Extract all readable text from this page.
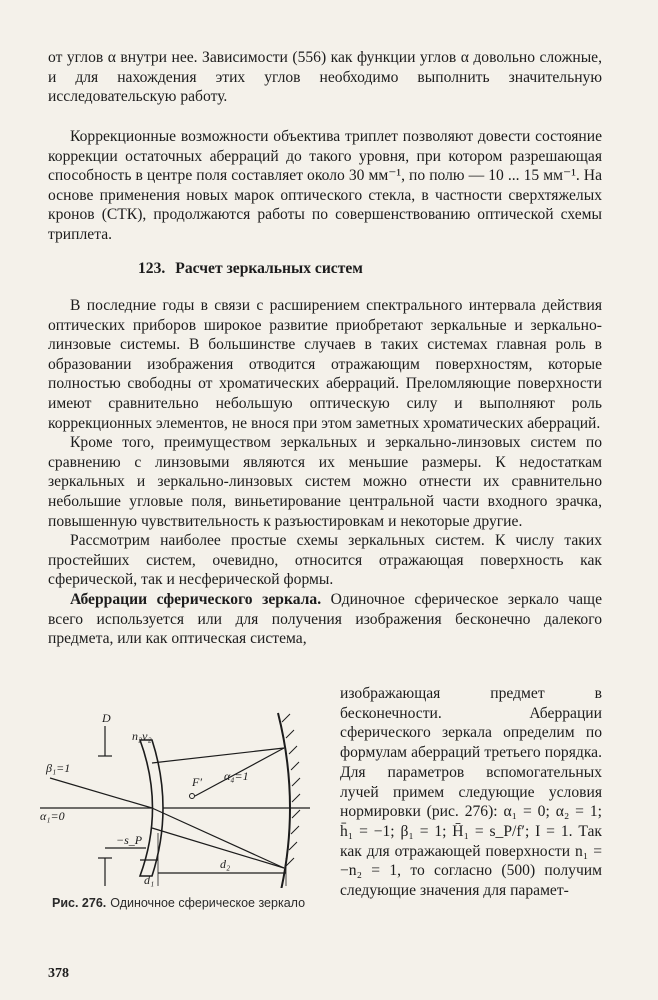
от углов α внутри нее. Зависимости (556) как функции углов α довольно сложные, и для нахождения этих углов необходимо выполнить значительную исследовательскую работу.

Коррекционные возможности объектива триплет позволяют довести состояние коррекции остаточных аберраций до такого уровня, при котором разрешающая способность в центре поля составляет около 30 мм⁻¹, по полю — 10 ... 15 мм⁻¹. На основе применения новых марок оптического стекла, в частности сверхтяжелых кронов (СТК), продолжаются работы по совершенствованию оптической схемы триплета.

123. Расчет зеркальных систем

В последние годы в связи с расширением спектрального интервала действия оптических приборов широкое развитие приобретают зеркальные и зеркально-линзовые системы. В большинстве случаев в таких системах главная роль в образовании изображения отводится отражающим поверхностям, которые полностью свободны от хроматических аберраций. Преломляющие поверхности имеют сравнительно небольшую оптическую силу и выполняют роль коррекционных элементов, не внося при этом заметных хроматических аберраций.

Кроме того, преимуществом зеркальных и зеркально-линзовых систем по сравнению с линзовыми являются их меньшие размеры. К недостаткам зеркальных и зеркально-линзовых систем можно отнести их сравнительно небольшие угловые поля, виньетирование центральной части входного зрачка, повышенную чувствительность к разъюстировкам и некоторые другие.

Рассмотрим наиболее простые схемы зеркальных систем. К числу таких простейших систем, очевидно, относится отражающая поверхность как сферической, так и несферической формы.

Аберрации сферического зеркала. Одиночное сферическое зеркало чаще всего используется или для получения изображения бесконечно далекого предмета, или как оптическая система,

изображающая предмет в бесконечности. Аберрации сферического зеркала определим по формулам аберраций третьего порядка. Для параметров вспомогательных лучей примем следующие условия нормировки (рис. 276): α₁ = 0; α₂ = 1; h̄₁ = −1; β₁ = 1; H̄₁ = s_P/f′; I = 1. Так как для отражающей поверхности n₁ = −n₂ = 1, то согласно (500) получим следующие значения для парамет-

D
n₂v₂
β₁=1
α₁=0
F′ α₄=1
−s_P
d₁
d₂
Рис. 276. Одиночное сферическое зеркало
378
